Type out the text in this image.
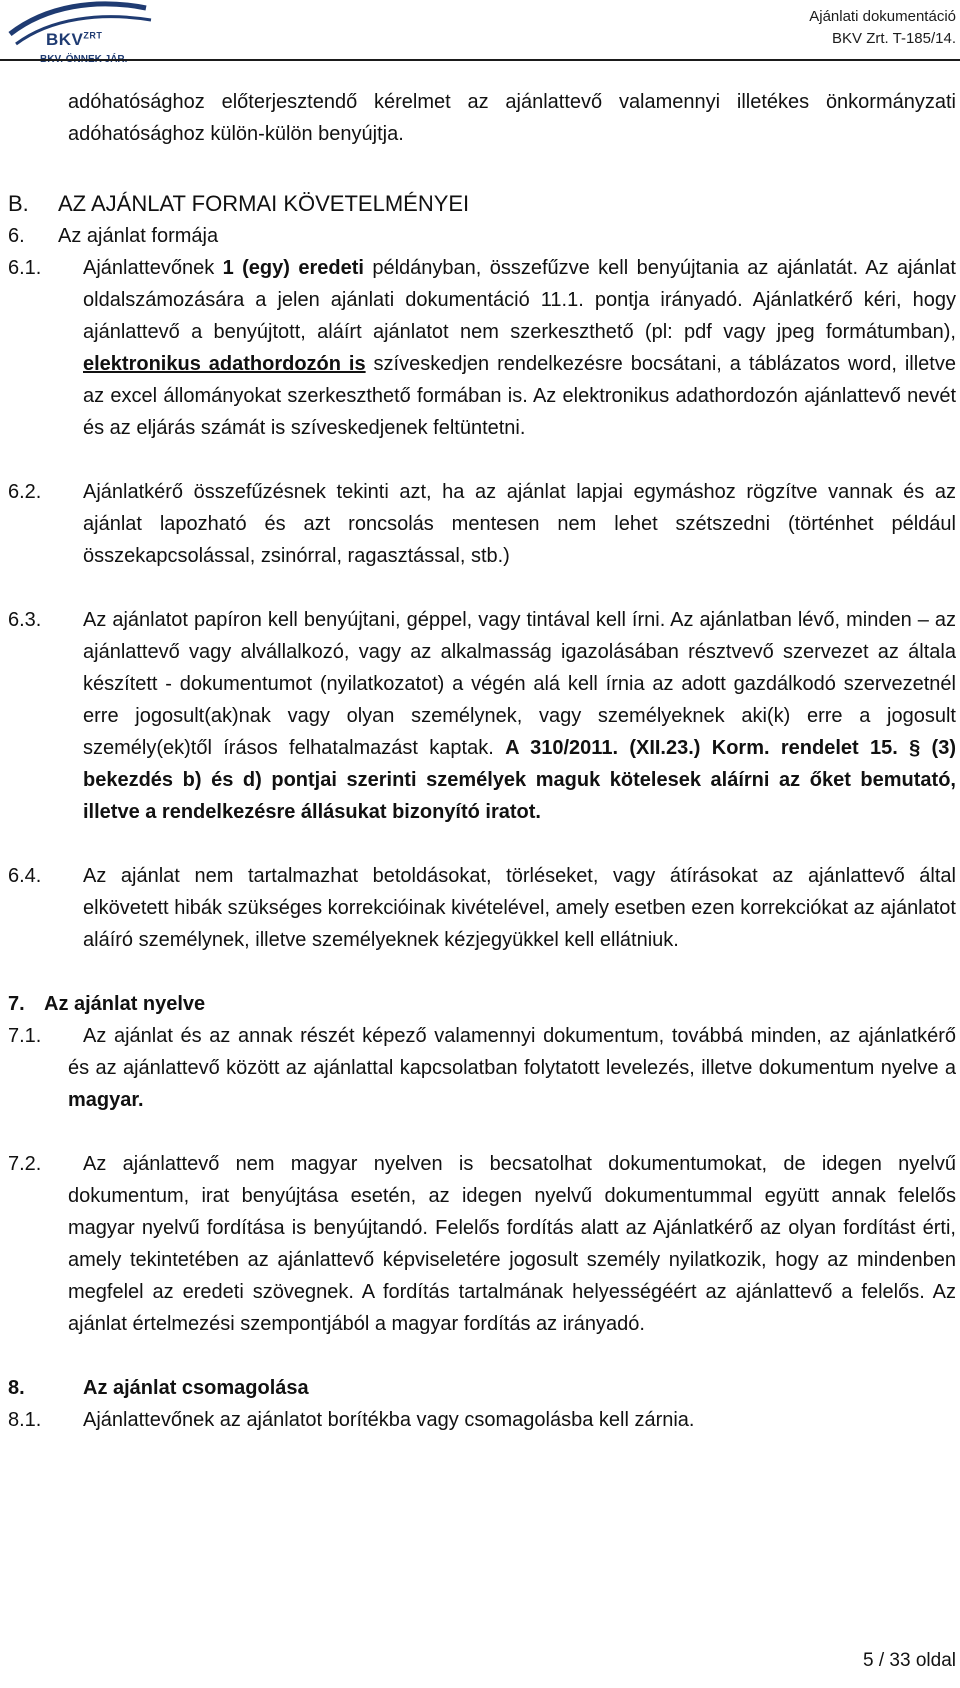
$BKV^{ZRT}$
Ajánlati dokumentáció
BKV Zrt. T-185/14.
adóhatósághoz előterjesztendő kérelmet az ajánlattevő valamennyi illetékes önkormányzati adóhatósághoz külön-külön benyújtja.
B. AZ AJÁNLAT FORMAI KÖVETELMÉNYEI
6. Az ajánlat formája
6.1. Ajánlattevőnek 1 (egy) eredeti példányban, összefűzve kell benyújtania az ajánlatát. Az ajánlat oldalszámozására a jelen ajánlati dokumentáció 11.1. pontja irányadó. Ajánlatkérő kéri, hogy ajánlattevő a benyújtott, aláírt ajánlatot nem szerkeszthető (pl: pdf vagy jpeg formátumban), elektronikus adathordozón is szíveskedjen rendelkezésre bocsátani, a táblázatos word, illetve az excel állományokat szerkeszthető formában is. Az elektronikus adathordozón ajánlattevő nevét és az eljárás számát is szíveskedjenek feltüntetni.
6.2. Ajánlatkérő összefűzésnek tekinti azt, ha az ajánlat lapjai egymáshoz rögzítve vannak és az ajánlat lapozható és azt roncsolás mentesen nem lehet szétszedni (történhet például összekapcsolással, zsinórral, ragasztással, stb.)
6.3. Az ajánlatot papíron kell benyújtani, géppel, vagy tintával kell írni. Az ajánlatban lévő, minden – az ajánlattevő vagy alvállalkozó, vagy az alkalmasság igazolásában résztvevő szervezet az általa készített - dokumentumot (nyilatkozatot) a végén alá kell írnia az adott gazdálkodó szervezetnél erre jogosult(ak)nak vagy olyan személynek, vagy személyeknek aki(k) erre a jogosult személy(ek)től írásos felhatalmazást kaptak. A 310/2011. (XII.23.) Korm. rendelet 15. § (3) bekezdés b) és d) pontjai szerinti személyek maguk kötelesek aláírni az őket bemutató, illetve a rendelkezésre állásukat bizonyító iratot.
6.4. Az ajánlat nem tartalmazhat betoldásokat, törléseket, vagy átírásokat az ajánlattevő által elkövetett hibák szükséges korrekcióinak kivételével, amely esetben ezen korrekciókat az ajánlatot aláíró személynek, illetve személyeknek kézjegyükkel kell ellátniuk.
7. Az ajánlat nyelve
7.1.	Az ajánlat és az annak részét képező valamennyi dokumentum, továbbá minden, az ajánlatkérő és az ajánlattevő között az ajánlattal kapcsolatban folytatott levelezés, illetve dokumentum nyelve a magyar.
7.2.	Az ajánlattevő nem magyar nyelven is becsatolhat dokumentumokat, de idegen nyelvű dokumentum, irat benyújtása esetén, az idegen nyelvű dokumentummal együtt annak felelős magyar nyelvű fordítása is benyújtandó. Felelős fordítás alatt az Ajánlatkérő az olyan fordítást érti, amely tekintetében az ajánlattevő képviseletére jogosult személy nyilatkozik, hogy az mindenben megfelel az eredeti szövegnek. A fordítás tartalmának helyességéért az ajánlattevő a felelős. Az ajánlat értelmezési szempontjából a magyar fordítás az irányadó.
8.	Az ajánlat csomagolása
8.1. Ajánlattevőnek az ajánlatot borítékba vagy csomagolásba kell zárnia.
5 / 33 oldal
